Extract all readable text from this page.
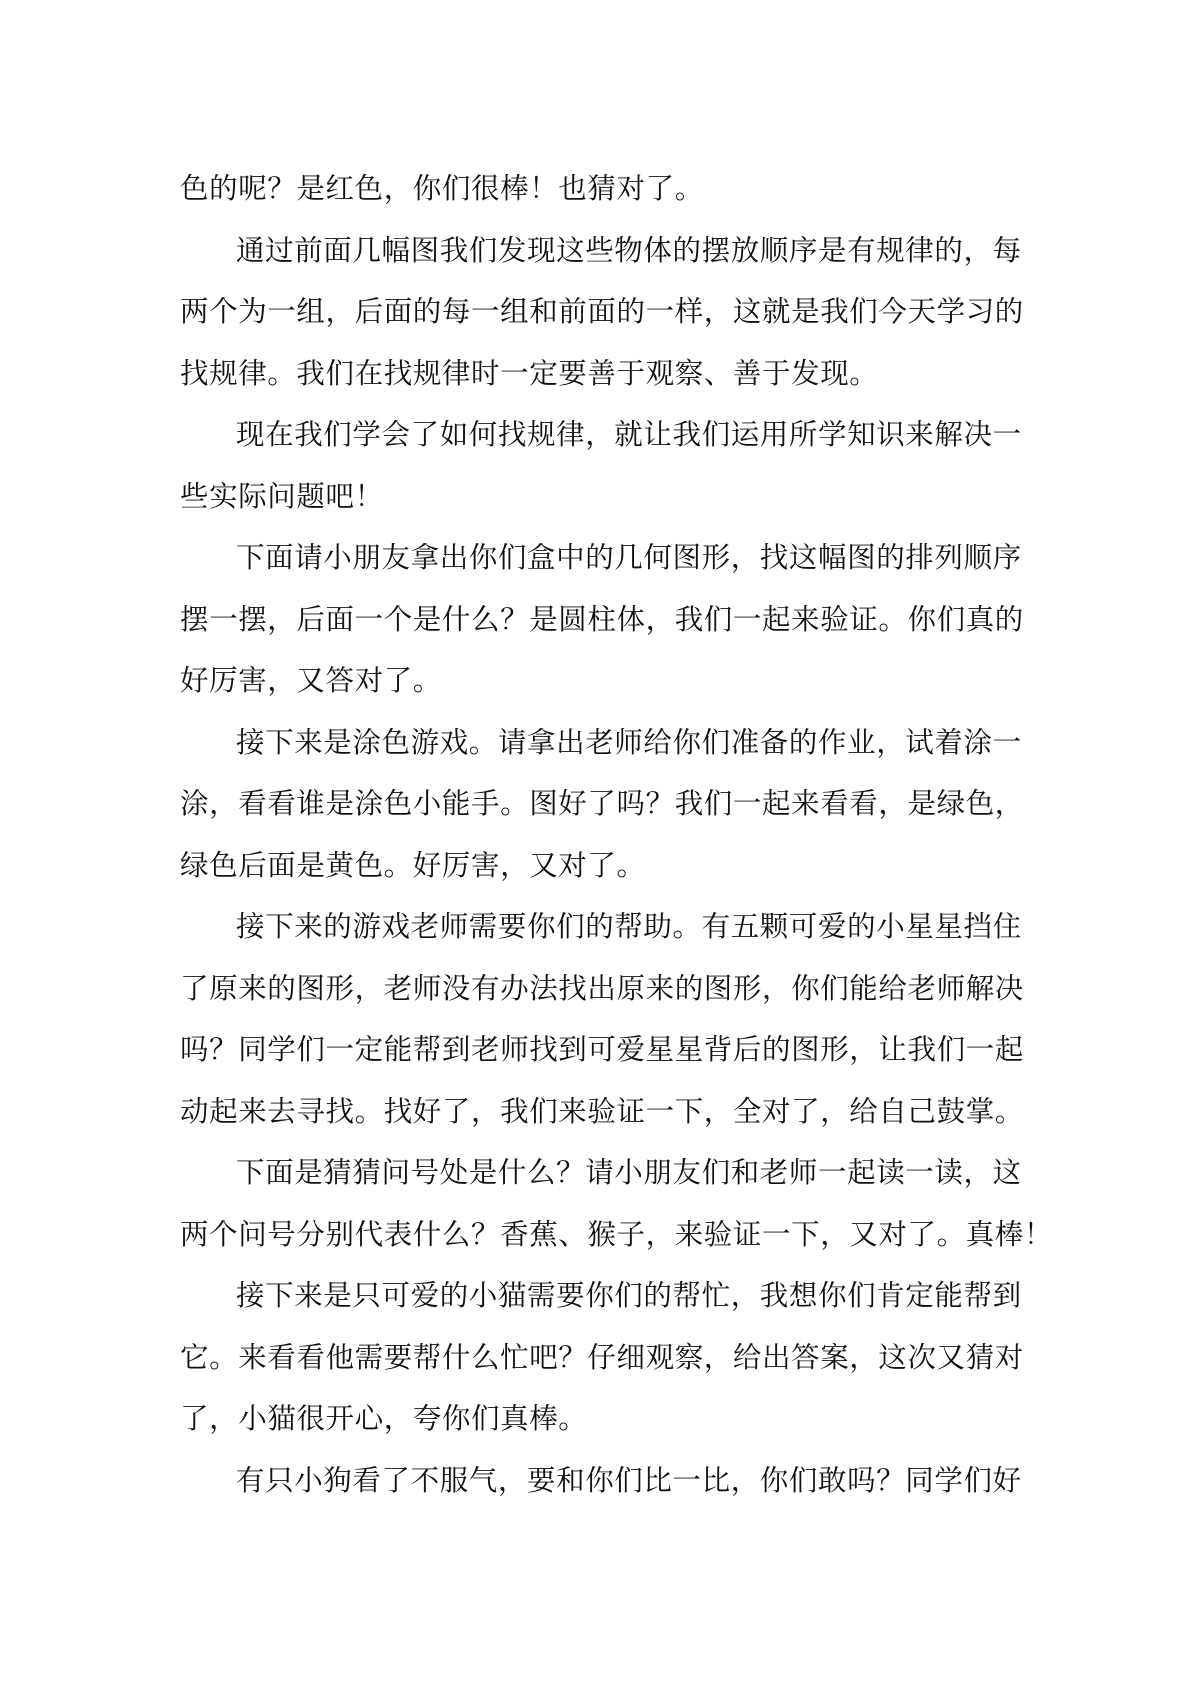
色的呢？是红色，你们很棒！也猜对了。
通过前面几幅图我们发现这些物体的摆放顺序是有规律的，每
两个为一组，后面的每一组和前面的一样，这就是我们今天学习的
找规律。我们在找规律时一定要善于观察、善于发现。
现在我们学会了如何找规律，就让我们运用所学知识来解决一
些实际问题吧！
下面请小朋友拿出你们盒中的几何图形，找这幅图的排列顺序
摆一摆，后面一个是什么？是圆柱体，我们一起来验证。你们真的
好厉害，又答对了。
接下来是涂色游戏。请拿出老师给你们准备的作业，试着涂一
涂，看看谁是涂色小能手。图好了吗？我们一起来看看，是绿色，
绿色后面是黄色。好厉害，又对了。
接下来的游戏老师需要你们的帮助。有五颗可爱的小星星挡住
了原来的图形，老师没有办法找出原来的图形，你们能给老师解决
吗？同学们一定能帮到老师找到可爱星星背后的图形，让我们一起
动起来去寻找。找好了，我们来验证一下，全对了，给自己鼓掌。
下面是猜猜问号处是什么？请小朋友们和老师一起读一读，这
两个问号分别代表什么？香蕉、猴子，来验证一下，又对了。真棒！
接下来是只可爱的小猫需要你们的帮忙，我想你们肯定能帮到
它。来看看他需要帮什么忙吧？仔细观察，给出答案，这次又猜对
了，小猫很开心，夸你们真棒。
有只小狗看了不服气，要和你们比一比，你们敢吗？同学们好
